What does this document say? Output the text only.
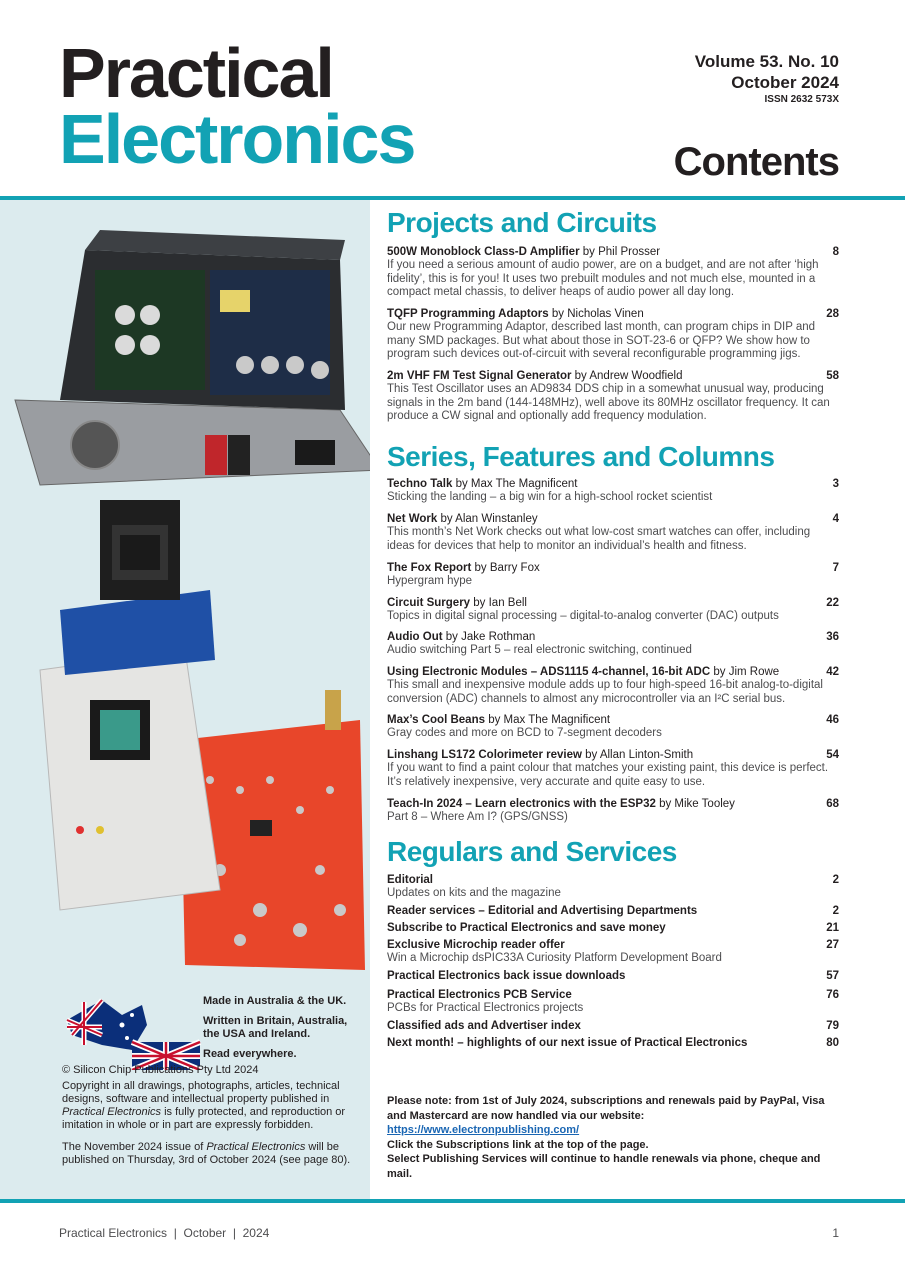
Practical
Electronics
Volume 53. No. 10
October 2024
ISSN 2632 573X
Contents
Made in Australia & the UK.
Written in Britain, Australia, the USA and Ireland.
Read everywhere.
© Silicon Chip Publications Pty Ltd 2024
Copyright in all drawings, photographs, articles, technical designs, software and intellectual property published in Practical Electronics is fully protected, and reproduction or imitation in whole or in part are expressly forbidden.
The November 2024 issue of Practical Electronics will be published on Thursday, 3rd of October 2024 (see page 80).
Projects and Circuits
500W Monoblock Class-D Amplifier by Phil Prosser	8
If you need a serious amount of audio power, are on a budget, and are not after ‘high fidelity’, this is for you! It uses two prebuilt modules and not much else, mounted in a compact metal chassis, to deliver heaps of audio power all day long.
TQFP Programming Adaptors by Nicholas Vinen	28
Our new Programming Adaptor, described last month, can program chips in DIP and many SMD packages. But what about those in SOT-23-6 or QFP? We show how to program such devices out-of-circuit with several reconfigurable programming jigs.
2m VHF FM Test Signal Generator by Andrew Woodfield	58
This Test Oscillator uses an AD9834 DDS chip in a somewhat unusual way, producing signals in the 2m band (144-148MHz), well above its 80MHz oscillator frequency. It can produce a CW signal and optionally add frequency modulation.
Series, Features and Columns
Techno Talk by Max The Magnificent	3
Sticking the landing – a big win for a high-school rocket scientist
Net Work by Alan Winstanley	4
This month’s Net Work checks out what low-cost smart watches can offer, including ideas for devices that help to monitor an individual’s health and fitness.
The Fox Report by Barry Fox	7
Hypergram hype
Circuit Surgery by Ian Bell	22
Topics in digital signal processing – digital-to-analog converter (DAC) outputs
Audio Out by Jake Rothman	36
Audio switching Part 5 – real electronic switching, continued
Using Electronic Modules – ADS1115 4-channel, 16-bit ADC by Jim Rowe	42
This small and inexpensive module adds up to four high-speed 16-bit analog-to-digital conversion (ADC) channels to almost any microcontroller via an I²C serial bus.
Max’s Cool Beans by Max The Magnificent	46
Gray codes and more on BCD to 7-segment decoders
Linshang LS172 Colorimeter review by Allan Linton-Smith	54
If you want to find a paint colour that matches your existing paint, this device is perfect. It’s relatively inexpensive, very accurate and quite easy to use.
Teach-In 2024 – Learn electronics with the ESP32 by Mike Tooley	68
Part 8 – Where Am I? (GPS/GNSS)
Regulars and Services
Editorial	2
Updates on kits and the magazine
Reader services – Editorial and Advertising Departments	2
Subscribe to Practical Electronics and save money	21
Exclusive Microchip reader offer	27
Win a Microchip dsPIC33A Curiosity Platform Development Board
Practical Electronics back issue downloads	57
Practical Electronics PCB Service	76
PCBs for Practical Electronics projects
Classified ads and Advertiser index	79
Next month! – highlights of our next issue of Practical Electronics	80
Please note: from 1st of July 2024, subscriptions and renewals paid by PayPal, Visa and Mastercard are now handled via our website:
https://www.electronpublishing.com/
Click the Subscriptions link at the top of the page.
Select Publishing Services will continue to handle renewals via phone, cheque and mail.
Practical Electronics  |  October  |  2024	1
